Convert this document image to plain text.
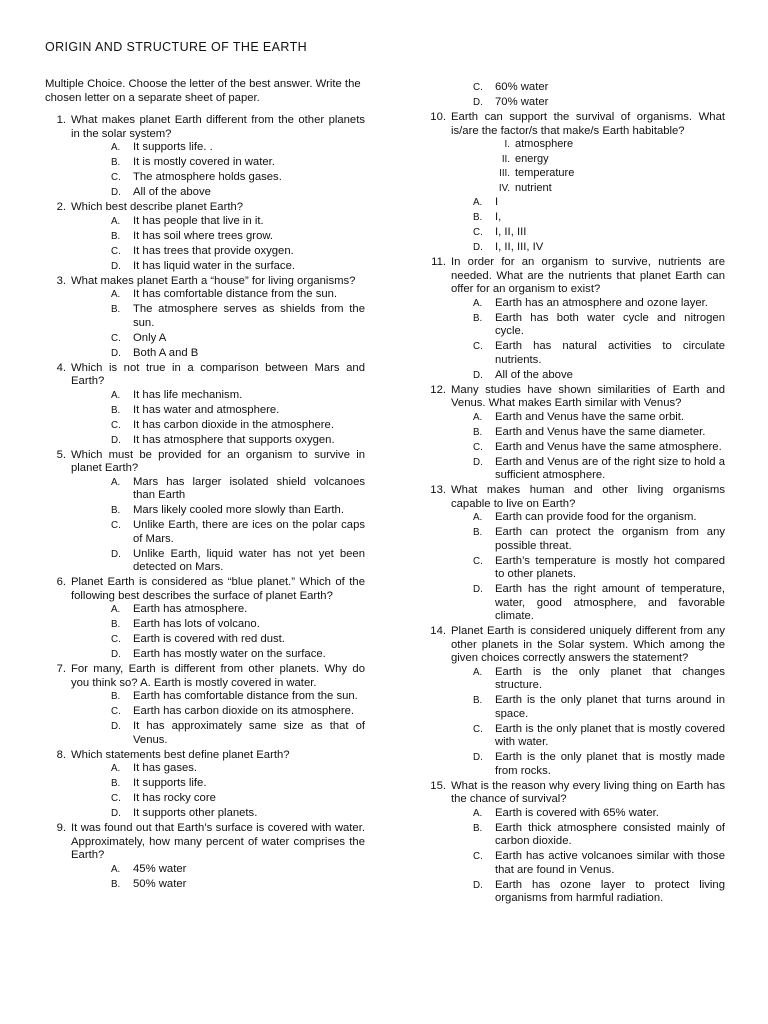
ORIGIN AND STRUCTURE OF THE EARTH
Multiple Choice. Choose the letter of the best answer. Write the chosen letter on a separate sheet of paper.
1. What makes planet Earth different from the other planets in the solar system?
A.	It supports life. .
B.	It is mostly covered in water.
C.	The atmosphere holds gases.
D.	All of the above
2. Which best describe planet Earth?
A.	It has people that live in it.
B.	It has soil where trees grow.
C.	It has trees that provide oxygen.
D.	It has liquid water in the surface.
3. What makes planet Earth a “house” for living organisms?
A.	It has comfortable distance from the sun.
B.	The atmosphere serves as shields from the sun.
C.	Only A
D.	Both A and B
4. Which is not true in a comparison between Mars and Earth?
A.	It has life mechanism.
B.	It has water and atmosphere.
C.	It has carbon dioxide in the atmosphere.
D.	It has atmosphere that supports oxygen.
5. Which must be provided for an organism to survive in planet Earth?
A.	Mars has larger isolated shield volcanoes than Earth
B.	Mars likely cooled more slowly than Earth.
C.	Unlike Earth, there are ices on the polar caps of Mars.
D.	Unlike Earth, liquid water has not yet been detected on Mars.
6. Planet Earth is considered as “blue planet.” Which of the following best describes the surface of planet Earth?
A.	Earth has atmosphere.
B.	Earth has lots of volcano.
C.	Earth is covered with red dust.
D.	Earth has mostly water on the surface.
7. For many, Earth is different from other planets. Why do you think so? A. Earth is mostly covered in water.
B.	Earth has comfortable distance from the sun.
C.	Earth has carbon dioxide on its atmosphere.
D.	It has approximately same size as that of Venus.
8. Which statements best define planet Earth?
A.	It has gases.
B.	It supports life.
C.	It has rocky core
D.	It supports other planets.
9. It was found out that Earth’s surface is covered with water. Approximately, how many percent of water comprises the Earth?
A.	45% water
B.	50% water
C.	60% water
D.	70% water
10. Earth can support the survival of organisms. What is/are the factor/s that make/s Earth habitable?
I. atmosphere
II. energy
III. temperature
IV. nutrient
A.	I
B.	I,
C.	I, II, III
D.	I, II, III, IV
11. In order for an organism to survive, nutrients are needed. What are the nutrients that planet Earth can offer for an organism to exist?
A.	Earth has an atmosphere and ozone layer.
B.	Earth has both water cycle and nitrogen cycle.
C.	Earth has natural activities to circulate nutrients.
D.	All of the above
12. Many studies have shown similarities of Earth and Venus. What makes Earth similar with Venus?
A.	Earth and Venus have the same orbit.
B.	Earth and Venus have the same diameter.
C.	Earth and Venus have the same atmosphere.
D.	Earth and Venus are of the right size to hold a sufficient atmosphere.
13. What makes human and other living organisms capable to live on Earth?
A.	Earth can provide food for the organism.
B.	Earth can protect the organism from any possible threat.
C.	Earth’s temperature is mostly hot compared to other planets.
D.	Earth has the right amount of temperature, water, good atmosphere, and favorable climate.
14. Planet Earth is considered uniquely different from any other planets in the Solar system. Which among the given choices correctly answers the statement?
A.	Earth is the only planet that changes structure.
B.	Earth is the only planet that turns around in space.
C.	Earth is the only planet that is mostly covered with water.
D.	Earth is the only planet that is mostly made from rocks.
15. What is the reason why every living thing on Earth has the chance of survival?
A.	Earth is covered with 65% water.
B.	Earth thick atmosphere consisted mainly of carbon dioxide.
C.	Earth has active volcanoes similar with those that are found in Venus.
D.	Earth has ozone layer to protect living organisms from harmful radiation.
